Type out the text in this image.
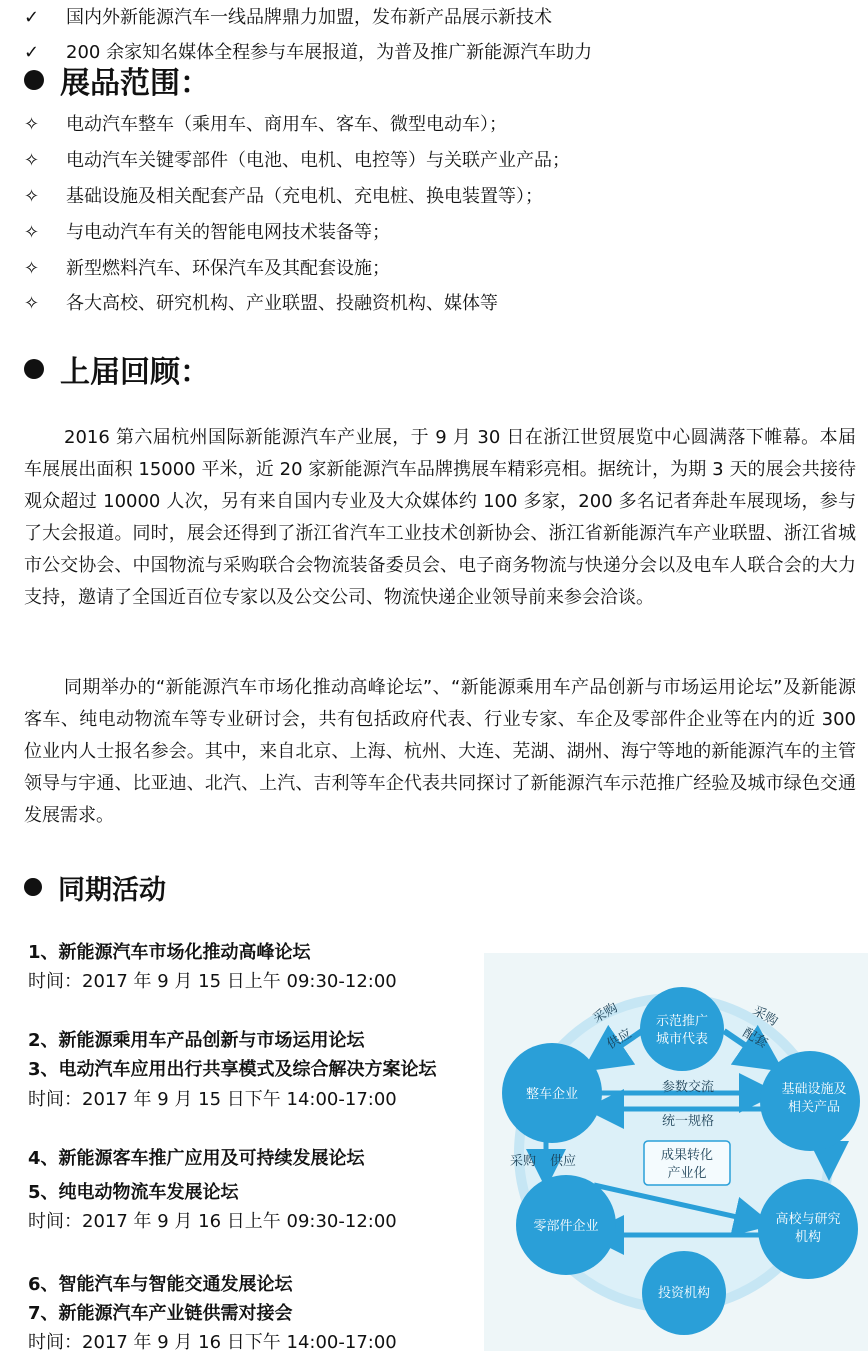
✓ 国内外新能源汽车一线品牌鼎力加盟，发布新产品展示新技术
✓ 200 余家知名媒体全程参与车展报道，为普及推广新能源汽车助力
展品范围：
✧ 电动汽车整车（乘用车、商用车、客车、微型电动车）；
✧ 电动汽车关键零部件（电池、电机、电控等）与关联产业产品；
✧ 基础设施及相关配套产品（充电机、充电桩、换电装置等）；
✧ 与电动汽车有关的智能电网技术装备等；
✧ 新型燃料汽车、环保汽车及其配套设施；
✧ 各大高校、研究机构、产业联盟、投融资机构、媒体等
上届回顾：

2016 第六届杭州国际新能源汽车产业展，于 9 月 30 日在浙江世贸展览中心圆满落下帷幕。本届车展展出面积 15000 平米，近 20 家新能源汽车品牌携展车精彩亮相。据统计，为期 3 天的展会共接待观众超过 10000 人次，另有来自国内专业及大众媒体约 100 多家，200 多名记者奔赴车展现场，参与了大会报道。同时，展会还得到了浙江省汽车工业技术创新协会、浙江省新能源汽车产业联盟、浙江省城市公交协会、中国物流与采购联合会物流装备委员会、电子商务物流与快递分会以及电车人联合会的大力支持，邀请了全国近百位专家以及公交公司、物流快递企业领导前来参会洽谈。

同期举办的“新能源汽车市场化推动高峰论坛”、“新能源乘用车产品创新与市场运用论坛”及新能源客车、纯电动物流车等专业研讨会，共有包括政府代表、行业专家、车企及零部件企业等在内的近 300 位业内人士报名参会。其中，来自北京、上海、杭州、大连、芜湖、湖州、海宁等地的新能源汽车的主管领导与宇通、比亚迪、北汽、上汽、吉利等车企代表共同探讨了新能源汽车示范推广经验及城市绿色交通发展需求。

同期活动
1、新能源汽车市场化推动高峰论坛
时间：2017 年 9 月 15 日上午 09:30-12:00
2、新能源乘用车产品创新与市场运用论坛
3、电动汽车应用出行共享模式及综合解决方案论坛
时间：2017 年 9 月 15 日下午 14:00-17:00
4、新能源客车推广应用及可持续发展论坛
5、纯电动物流车发展论坛
时间：2017 年 9 月 16 日上午 09:30-12:00
6、智能汽车与智能交通发展论坛
7、新能源汽车产业链供需对接会
时间：2017 年 9 月 16 日下午 14:00-17:00
示范推广
城市代表
整车企业	基础设施及
相关产品
零部件企业	高校与研究
机构
投资机构
采购
供应
采购
配套
参数交流
统一规格
采购 供应	成果转化
产业化
